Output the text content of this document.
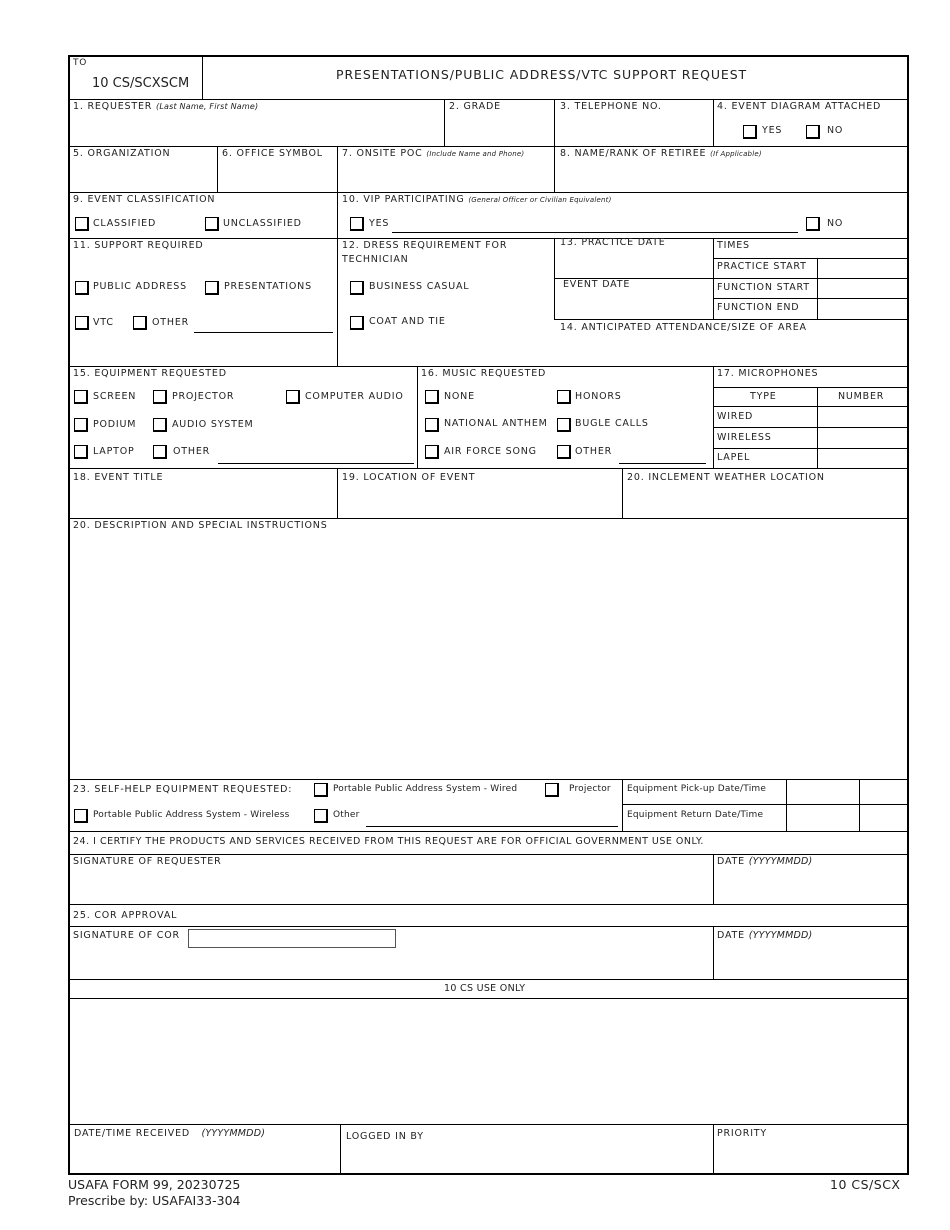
TO
10 CS/SCXSCM
PRESENTATIONS/PUBLIC ADDRESS/VTC SUPPORT REQUEST
1. REQUESTER (Last Name, First Name)	2. GRADE	3. TELEPHONE NO.	4. EVENT DIAGRAM ATTACHED
YES	NO
5. ORGANIZATION	6. OFFICE SYMBOL 7. ONSITE POC (Include Name and Phone)	8. NAME/RANK OF RETIREE (If Applicable)
9. EVENT CLASSIFICATION
CLASSIFIED	UNCLASSIFIED
10. VIP PARTICIPATING (General Officer or Civilian Equivalent)
YES	NO
11. SUPPORT REQUIRED
PUBLIC ADDRESS	PRESENTATIONS
VTC	OTHER
12. DRESS REQUIREMENT FOR
TECHNICIAN
BUSINESS CASUAL
COAT AND TIE
13. PRACTICE DATE
EVENT DATE
TIMES
PRACTICE START
FUNCTION START
FUNCTION END
14. ANTICIPATED ATTENDANCE/SIZE OF AREA
15. EQUIPMENT REQUESTED
SCREEN	PROJECTOR	COMPUTER AUDIO
PODIUM	AUDIO SYSTEM
LAPTOP	OTHER
16. MUSIC REQUESTED
NONE	HONORS
NATIONAL ANTHEM	BUGLE CALLS
AIR FORCE SONG	OTHER
17. MICROPHONES
TYPE	NUMBER
WIRED
WIRELESS
LAPEL
18. EVENT TITLE	19. LOCATION OF EVENT	20. INCLEMENT WEATHER LOCATION
20. DESCRIPTION AND SPECIAL INSTRUCTIONS
23. SELF-HELP EQUIPMENT REQUESTED:	Portable Public Address System - Wired	Projector
Portable Public Address System - Wireless	Other
Equipment Pick-up Date/Time
Equipment Return Date/Time
24. I CERTIFY THE PRODUCTS AND SERVICES RECEIVED FROM THIS REQUEST ARE FOR OFFICIAL GOVERNMENT USE ONLY.
SIGNATURE OF REQUESTER	DATE (YYYYMMDD)
25. COR APPROVAL
SIGNATURE OF COR	DATE (YYYYMMDD)
10 CS USE ONLY
DATE/TIME RECEIVED (YYYYMMDD)	LOGGED IN BY	PRIORITY
USAFA FORM 99, 20230725
Prescribe by: USAFAI33-304
10 CS/SCX
